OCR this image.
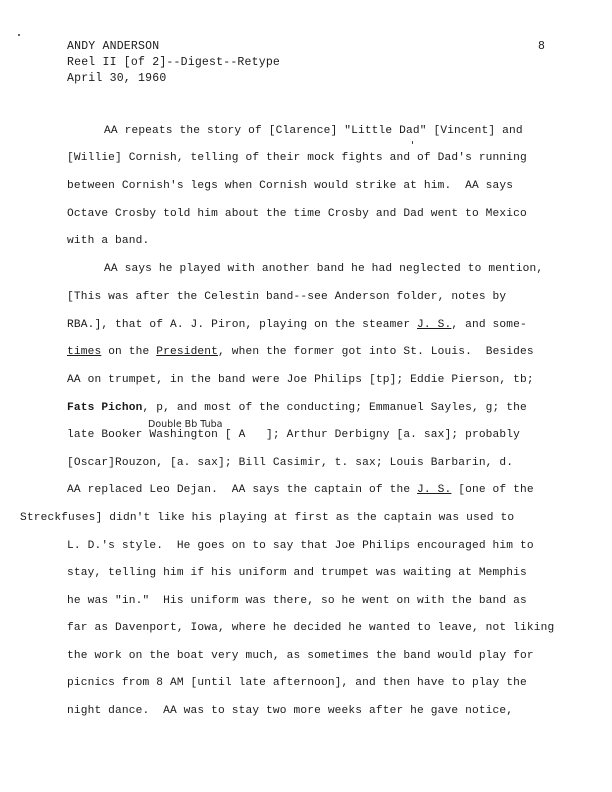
ANDY ANDERSON
Reel II [of 2]--Digest--Retype
April 30, 1960
8
AA repeats the story of [Clarence] "Little Dad" [Vincent] and
[Willie] Cornish, telling of their mock fights and of Dad's running
between Cornish's legs when Cornish would strike at him.  AA says
Octave Crosby told him about the time Crosby and Dad went to Mexico
with a band.
AA says he played with another band he had neglected to mention,
[This was after the Celestin band--see Anderson folder, notes by
RBA.], that of A. J. Piron, playing on the steamer J. S., and some-
times on the President, when the former got into St. Louis.  Besides
AA on trumpet, in the band were Joe Philips [tp]; Eddie Pierson, tb;
Fats Pichon, p, and most of the conducting; Emmanuel Sayles, g; the
late Booker Washington [ A   ]; Arthur Derbigny [a. sax]; probably
[Oscar]Rouzon, [a. sax]; Bill Casimir, t. sax; Louis Barbarin, d.
AA replaced Leo Dejan.  AA says the captain of the J. S. [one of the
Streckfuses] didn't like his playing at first as the captain was used to
L. D.'s style.  He goes on to say that Joe Philips encouraged him to
stay, telling him if his uniform and trumpet was waiting at Memphis
he was "in."  His uniform was there, so he went on with the band as
far as Davenport, Iowa, where he decided he wanted to leave, not liking
the work on the boat very much, as sometimes the band would play for
picnics from 8 AM [until late afternoon], and then have to play the
night dance.  AA was to stay two more weeks after he gave notice,
Double Bb Tuba
